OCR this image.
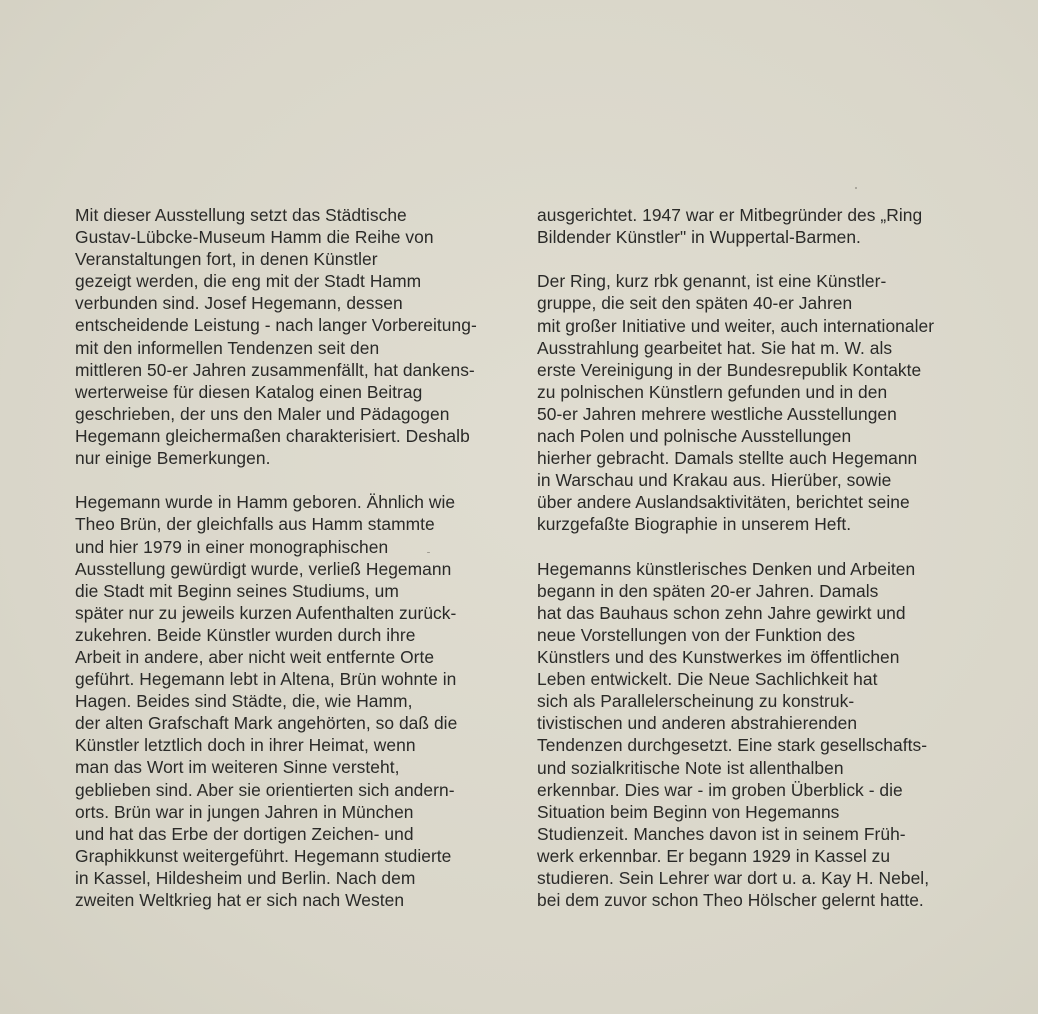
Mit dieser Ausstellung setzt das Städtische
Gustav-Lübcke-Museum Hamm die Reihe von
Veranstaltungen fort, in denen Künstler
gezeigt werden, die eng mit der Stadt Hamm
verbunden sind. Josef Hegemann, dessen
entscheidende Leistung - nach langer Vorbereitung-
mit den informellen Tendenzen seit den
mittleren 50-er Jahren zusammenfällt, hat dankens-
werterweise für diesen Katalog einen Beitrag
geschrieben, der uns den Maler und Pädagogen
Hegemann gleichermaßen charakterisiert. Deshalb
nur einige Bemerkungen.
Hegemann wurde in Hamm geboren. Ähnlich wie
Theo Brün, der gleichfalls aus Hamm stammte
und hier 1979 in einer monographischen
Ausstellung gewürdigt wurde, verließ Hegemann
die Stadt mit Beginn seines Studiums, um
später nur zu jeweils kurzen Aufenthalten zurück-
zukehren. Beide Künstler wurden durch ihre
Arbeit in andere, aber nicht weit entfernte Orte
geführt. Hegemann lebt in Altena, Brün wohnte in
Hagen. Beides sind Städte, die, wie Hamm,
der alten Grafschaft Mark angehörten, so daß die
Künstler letztlich doch in ihrer Heimat, wenn
man das Wort im weiteren Sinne versteht,
geblieben sind. Aber sie orientierten sich andern-
orts. Brün war in jungen Jahren in München
und hat das Erbe der dortigen Zeichen- und
Graphikkunst weitergeführt. Hegemann studierte
in Kassel, Hildesheim und Berlin. Nach dem
zweiten Weltkrieg hat er sich nach Westen
ausgerichtet. 1947 war er Mitbegründer des „Ring
Bildender Künstler" in Wuppertal-Barmen.
Der Ring, kurz rbk genannt, ist eine Künstler-
gruppe, die seit den späten 40-er Jahren
mit großer Initiative und weiter, auch internationaler
Ausstrahlung gearbeitet hat. Sie hat m. W. als
erste Vereinigung in der Bundesrepublik Kontakte
zu polnischen Künstlern gefunden und in den
50-er Jahren mehrere westliche Ausstellungen
nach Polen und polnische Ausstellungen
hierher gebracht. Damals stellte auch Hegemann
in Warschau und Krakau aus. Hierüber, sowie
über andere Auslandsaktivitäten, berichtet seine
kurzgefaßte Biographie in unserem Heft.
Hegemanns künstlerisches Denken und Arbeiten
begann in den späten 20-er Jahren. Damals
hat das Bauhaus schon zehn Jahre gewirkt und
neue Vorstellungen von der Funktion des
Künstlers und des Kunstwerkes im öffentlichen
Leben entwickelt. Die Neue Sachlichkeit hat
sich als Parallelerscheinung zu konstruk-
tivistischen und anderen abstrahierenden
Tendenzen durchgesetzt. Eine stark gesellschafts-
und sozialkritische Note ist allenthalben
erkennbar. Dies war - im groben Überblick - die
Situation beim Beginn von Hegemanns
Studienzeit. Manches davon ist in seinem Früh-
werk erkennbar. Er begann 1929 in Kassel zu
studieren. Sein Lehrer war dort u. a. Kay H. Nebel,
bei dem zuvor schon Theo Hölscher gelernt hatte.
